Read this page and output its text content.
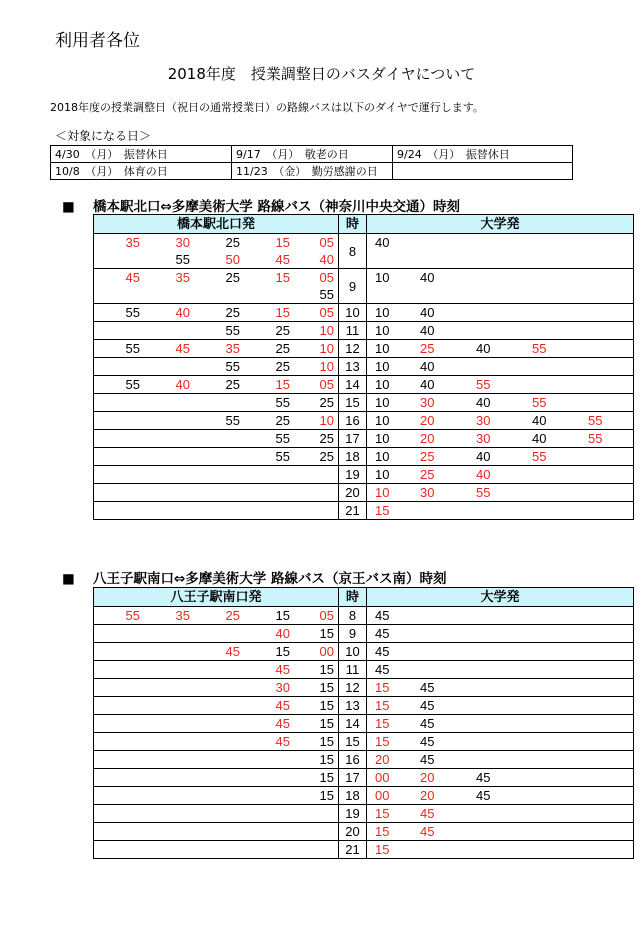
利用者各位
2018年度　授業調整日のバスダイヤについて
2018年度の授業調整日（祝日の通常授業日）の路線バスは以下のダイヤで運行します。
＜対象になる日＞
4/30　（月）　振替休日	9/17　（月）　敬老の日	9/24　（月）　振替休日
10/8　（月）　体育の日	11/23　（金）　勤労感謝の日	
■ 橋本駅北口⇔多摩美術大学 路線バス（神奈川中央交通）時刻
橋本駅北口発					時	大学発				
35	30	25	15	05	8	40				
	55	50	45	40						
45	35	25	15	05	9	10	40			
				55						
55	40	25	15	05	10	10	40			
		55	25	10	11	10	40			
55	45	35	25	10	12	10	25	40	55	
		55	25	10	13	10	40			
55	40	25	15	05	14	10	40	55		
			55	25	15	10	30	40	55	
		55	25	10	16	10	20	30	40	55
			55	25	17	10	20	30	40	55
			55	25	18	10	25	40	55	
					19	10	25	40		
					20	10	30	55		
					21	15				
■ 八王子駅南口⇔多摩美術大学 路線バス（京王バス南）時刻
八王子駅南口発					時	大学発				
55	35	25	15	05	8	45				
			40	15	9	45				
		45	15	00	10	45				
			45	15	11	45				
			30	15	12	15	45			
			45	15	13	15	45			
			45	15	14	15	45			
			45	15	15	15	45			
				15	16	20	45			
				15	17	00	20	45		
				15	18	00	20	45		
					19	15	45			
					20	15	45			
					21	15				
